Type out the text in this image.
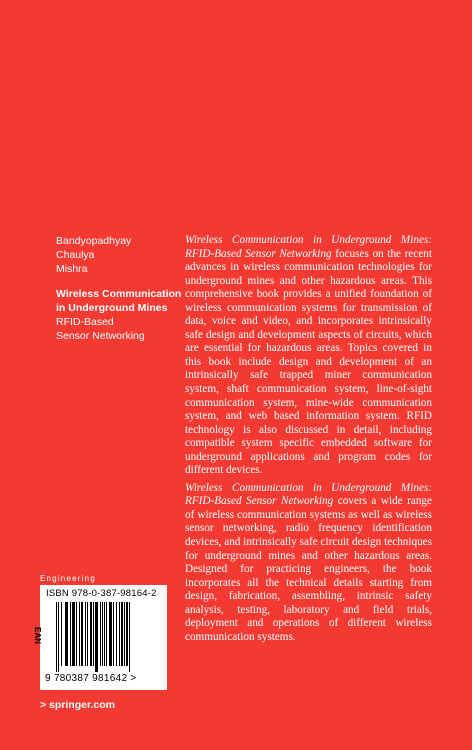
Bandyopadhyay
Chaulya
Mishra
Wireless Communication
in Underground Mines
RFID-Based
Sensor Networking

Wireless Communication in Underground Mines: RFID-Based Sensor Networking focuses on the recent advances in wireless communication technologies for underground mines and other hazardous areas. This comprehensive book provides a unified foundation of wireless communication systems for transmission of data, voice and video, and incorporates intrinsically safe design and development aspects of circuits, which are essential for hazardous areas. Topics covered in this book include design and development of an intrinsically safe trapped miner communication system, shaft communication system, line-of-sight communication system, mine-wide communication system, and web based information system. RFID technology is also discussed in detail, including compatible system specific embedded software for underground applications and program codes for different devices.

Wireless Communication in Underground Mines: RFID-Based Sensor Networking covers a wide range of wireless communication systems as well as wireless sensor networking, radio frequency identification devices, and intrinsically safe circuit design techniques for underground mines and other hazardous areas. Designed for practicing engineers, the book incorporates all the technical details starting from design, fabrication, assembling, intrinsic safety analysis, testing, laboratory and field trials, deployment and operations of different wireless communication systems.

Engineering
ISBN 978-0-387-98164-2
EAN
9 780387 981642 >
> springer.com
